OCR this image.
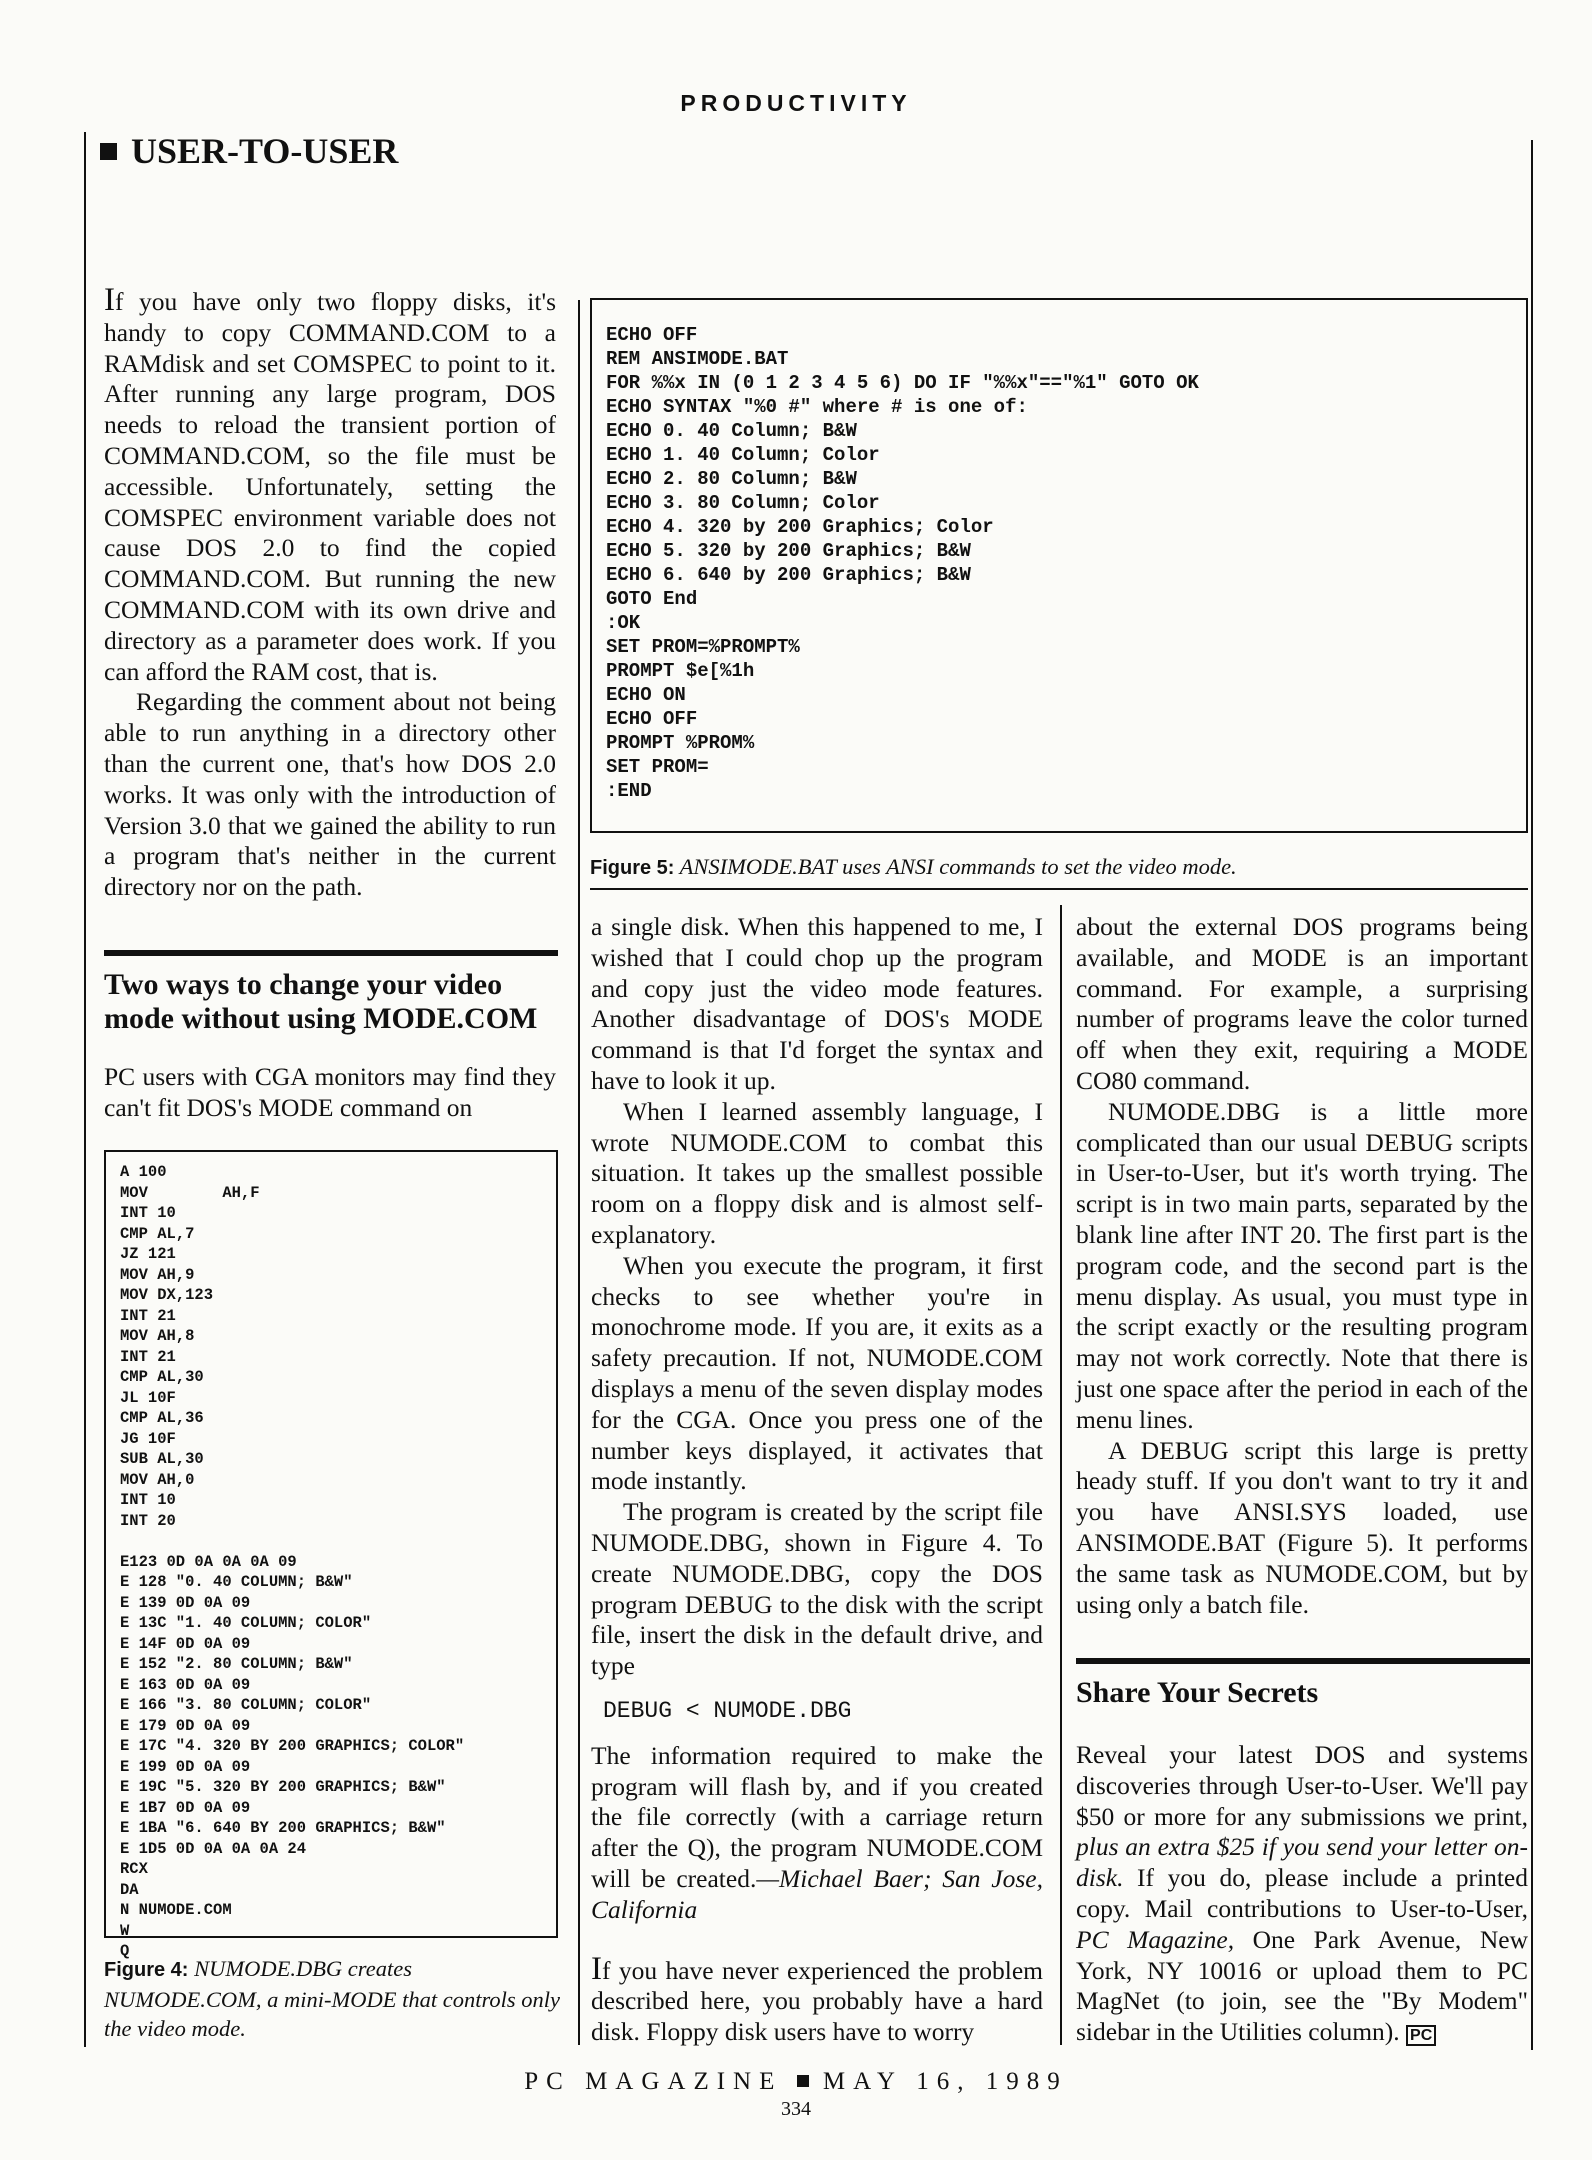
PRODUCTIVITY
USER-TO-USER

If you have only two floppy disks, it's handy to copy COMMAND.COM to a RAMdisk and set COMSPEC to point to it. After running any large program, DOS needs to reload the transient portion of COMMAND.COM, so the file must be accessible. Unfortunately, setting the COMSPEC environment variable does not cause DOS 2.0 to find the copied COMMAND.COM. But running the new COMMAND.COM with its own drive and directory as a parameter does work. If you can afford the RAM cost, that is.

Regarding the comment about not being able to run anything in a directory other than the current one, that's how DOS 2.0 works. It was only with the introduction of Version 3.0 that we gained the ability to run a program that's neither in the current directory nor on the path.

Two ways to change your video mode without using MODE.COM

PC users with CGA monitors may find they can't fit DOS's MODE command on

A 100
MOV        AH,F
INT 10
CMP AL,7
JZ 121
MOV AH,9
MOV DX,123
INT 21
MOV AH,8
INT 21
CMP AL,30
JL 10F
CMP AL,36
JG 10F
SUB AL,30
MOV AH,0
INT 10
INT 20

E123 0D 0A 0A 0A 09
E 128 "0. 40 COLUMN; B&W"
E 139 0D 0A 09
E 13C "1. 40 COLUMN; COLOR"
E 14F 0D 0A 09
E 152 "2. 80 COLUMN; B&W"
E 163 0D 0A 09
E 166 "3. 80 COLUMN; COLOR"
E 179 0D 0A 09
E 17C "4. 320 BY 200 GRAPHICS; COLOR"
E 199 0D 0A 09
E 19C "5. 320 BY 200 GRAPHICS; B&W"
E 1B7 0D 0A 09
E 1BA "6. 640 BY 200 GRAPHICS; B&W"
E 1D5 0D 0A 0A 0A 24
RCX
DA
N NUMODE.COM
W
Q
Figure 4: NUMODE.DBG creates NUMODE.COM, a mini-MODE that controls only the video mode.
ECHO OFF
REM ANSIMODE.BAT
FOR %%x IN (0 1 2 3 4 5 6) DO IF "%%x"=="%1" GOTO OK
ECHO SYNTAX "%0 #" where # is one of:
ECHO 0. 40 Column; B&W
ECHO 1. 40 Column; Color
ECHO 2. 80 Column; B&W
ECHO 3. 80 Column; Color
ECHO 4. 320 by 200 Graphics; Color
ECHO 5. 320 by 200 Graphics; B&W
ECHO 6. 640 by 200 Graphics; B&W
GOTO End
:OK
SET PROM=%PROMPT%
PROMPT $e[%1h
ECHO ON
ECHO OFF
PROMPT %PROM%
SET PROM=
:END
Figure 5: ANSIMODE.BAT uses ANSI commands to set the video mode.

a single disk. When this happened to me, I wished that I could chop up the program and copy just the video mode features. Another disadvantage of DOS's MODE command is that I'd forget the syntax and have to look it up.

When I learned assembly language, I wrote NUMODE.COM to combat this situation. It takes up the smallest possible room on a floppy disk and is almost self-explanatory.

When you execute the program, it first checks to see whether you're in monochrome mode. If you are, it exits as a safety precaution. If not, NUMODE.COM displays a menu of the seven display modes for the CGA. Once you press one of the number keys displayed, it activates that mode instantly.

The program is created by the script file NUMODE.DBG, shown in Figure 4. To create NUMODE.DBG, copy the DOS program DEBUG to the disk with the script file, insert the disk in the default drive, and type

DEBUG < NUMODE.DBG

The information required to make the program will flash by, and if you created the file correctly (with a carriage return after the Q), the program NUMODE.COM will be created.—Michael Baer; San Jose, California

If you have never experienced the problem described here, you probably have a hard disk. Floppy disk users have to worry

about the external DOS programs being available, and MODE is an important command. For example, a surprising number of programs leave the color turned off when they exit, requiring a MODE CO80 command.

NUMODE.DBG is a little more complicated than our usual DEBUG scripts in User-to-User, but it's worth trying. The script is in two main parts, separated by the blank line after INT 20. The first part is the program code, and the second part is the menu display. As usual, you must type in the script exactly or the resulting program may not work correctly. Note that there is just one space after the period in each of the menu lines.

A DEBUG script this large is pretty heady stuff. If you don't want to try it and you have ANSI.SYS loaded, use ANSIMODE.BAT (Figure 5). It performs the same task as NUMODE.COM, but by using only a batch file.

Share Your Secrets

Reveal your latest DOS and systems discoveries through User-to-User. We'll pay $50 or more for any submissions we print, plus an extra $25 if you send your letter on-disk. If you do, please include a printed copy. Mail contributions to User-to-User, PC Magazine, One Park Avenue, New York, NY 10016 or upload them to PC MagNet (to join, see the "By Modem" sidebar in the Utilities column). PC

PC MAGAZINE MAY 16, 1989
334
